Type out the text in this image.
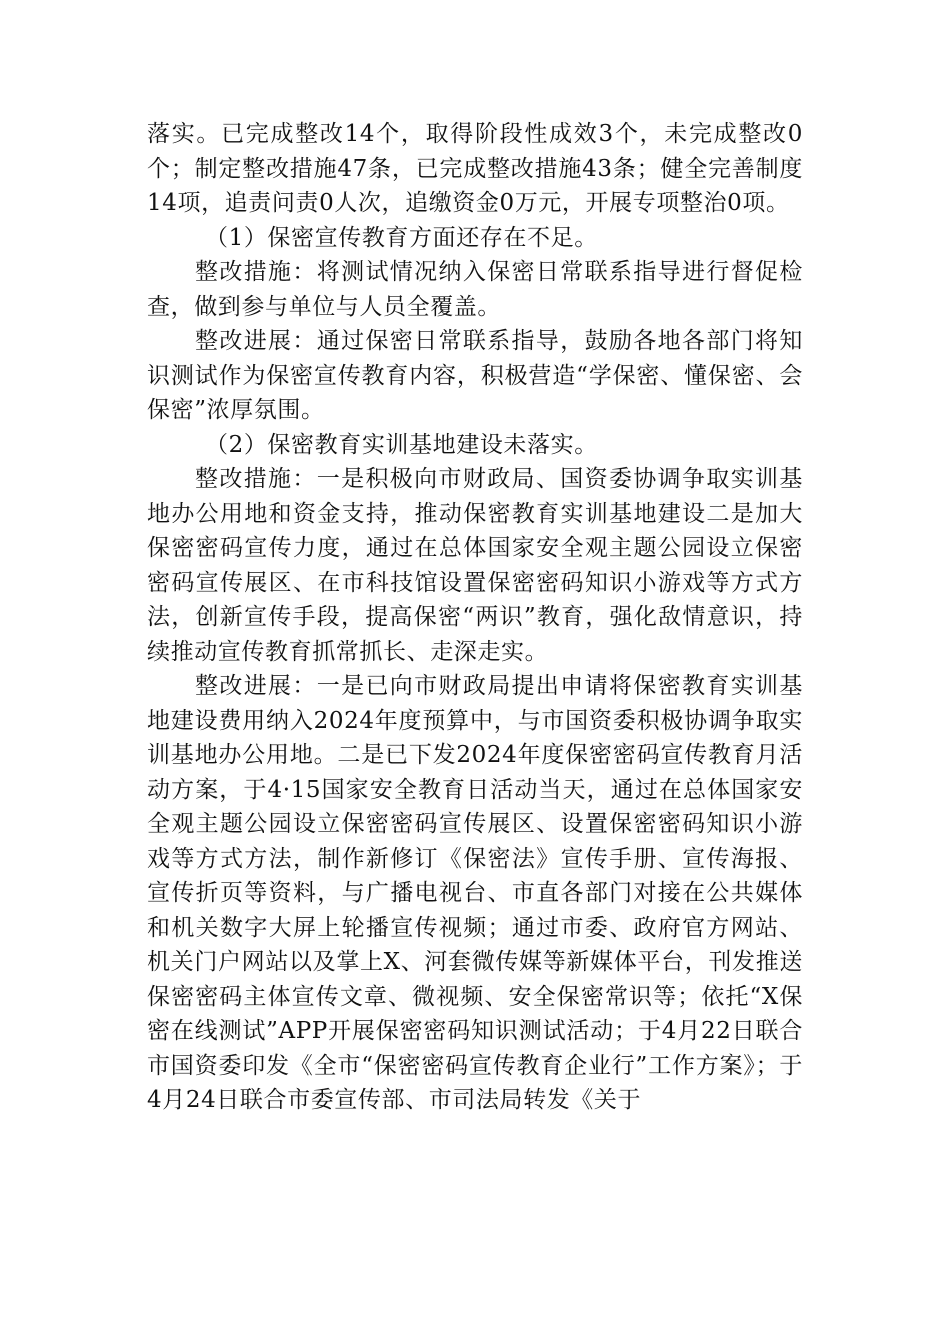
落实。已完成整改14个，取得阶段性成效3个，未完成整改0个；制定整改措施47条，已完成整改措施43条；健全完善制度14项，追责问责0人次，追缴资金0万元，开展专项整治0项。

（1）保密宣传教育方面还存在不足。

整改措施：将测试情况纳入保密日常联系指导进行督促检查，做到参与单位与人员全覆盖。

整改进展：通过保密日常联系指导，鼓励各地各部门将知识测试作为保密宣传教育内容，积极营造“学保密、懂保密、会保密”浓厚氛围。

（2）保密教育实训基地建设未落实。

整改措施：一是积极向市财政局、国资委协调争取实训基地办公用地和资金支持，推动保密教育实训基地建设二是加大保密密码宣传力度，通过在总体国家安全观主题公园设立保密密码宣传展区、在市科技馆设置保密密码知识小游戏等方式方法，创新宣传手段，提高保密“两识”教育，强化敌情意识，持续推动宣传教育抓常抓长、走深走实。

整改进展：一是已向市财政局提出申请将保密教育实训基地建设费用纳入2024年度预算中，与市国资委积极协调争取实训基地办公用地。二是已下发2024年度保密密码宣传教育月活动方案，于4·15国家安全教育日活动当天，通过在总体国家安全观主题公园设立保密密码宣传展区、设置保密密码知识小游戏等方式方法，制作新修订《保密法》宣传手册、宣传海报、宣传折页等资料，与广播电视台、市直各部门对接在公共媒体和机关数字大屏上轮播宣传视频；通过市委、政府官方网站、机关门户网站以及掌上X、河套微传媒等新媒体平台，刊发推送保密密码主体宣传文章、微视频、安全保密常识等；依托“X保密在线测试”APP开展保密密码知识测试活动；于4月22日联合市国资委印发《全市“保密密码宣传教育企业行”工作方案》；于4月24日联合市委宣传部、市司法局转发《关于
